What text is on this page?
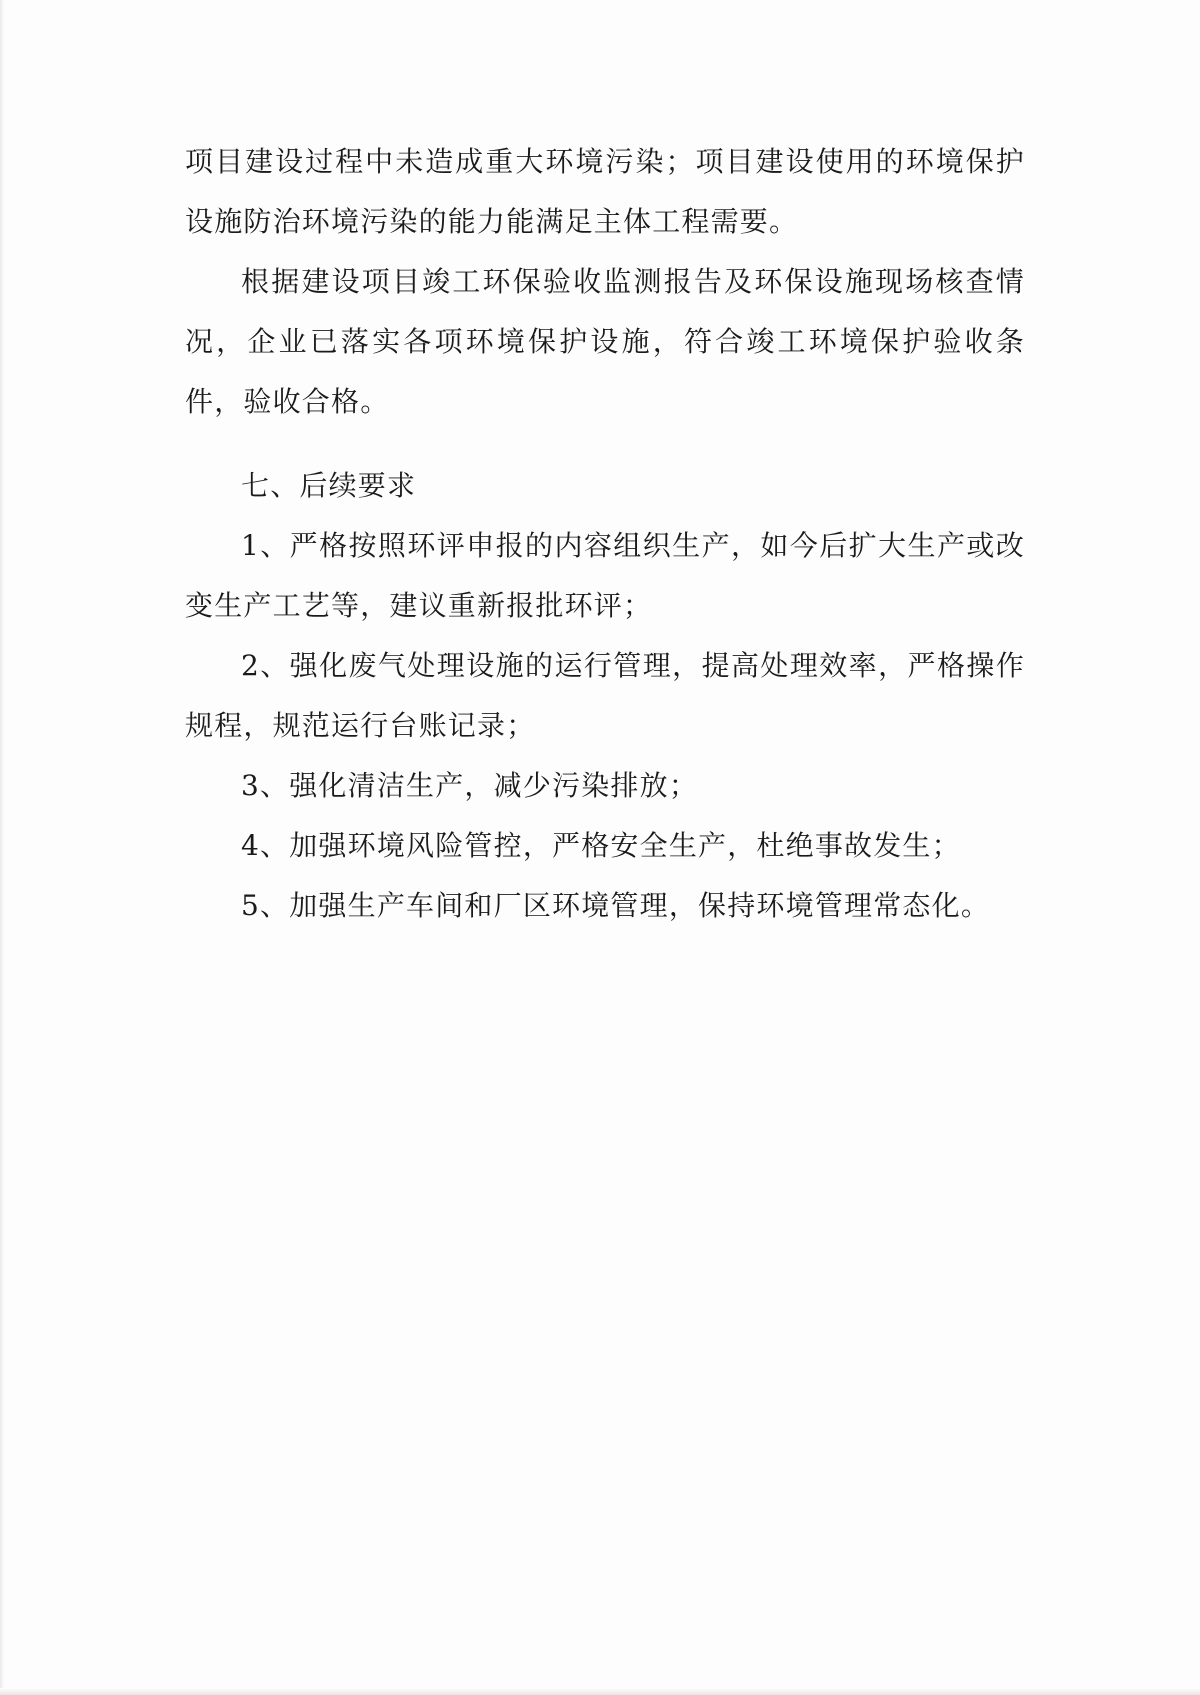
项目建设过程中未造成重大环境污染；项目建设使用的环境保护设施防治环境污染的能力能满足主体工程需要。

根据建设项目竣工环保验收监测报告及环保设施现场核查情况，企业已落实各项环境保护设施，符合竣工环境保护验收条件，验收合格。

七、后续要求

1、严格按照环评申报的内容组织生产，如今后扩大生产或改变生产工艺等，建议重新报批环评；

2、强化废气处理设施的运行管理，提高处理效率，严格操作规程，规范运行台账记录；

3、强化清洁生产，减少污染排放；

4、加强环境风险管控，严格安全生产，杜绝事故发生；

5、加强生产车间和厂区环境管理，保持环境管理常态化。
